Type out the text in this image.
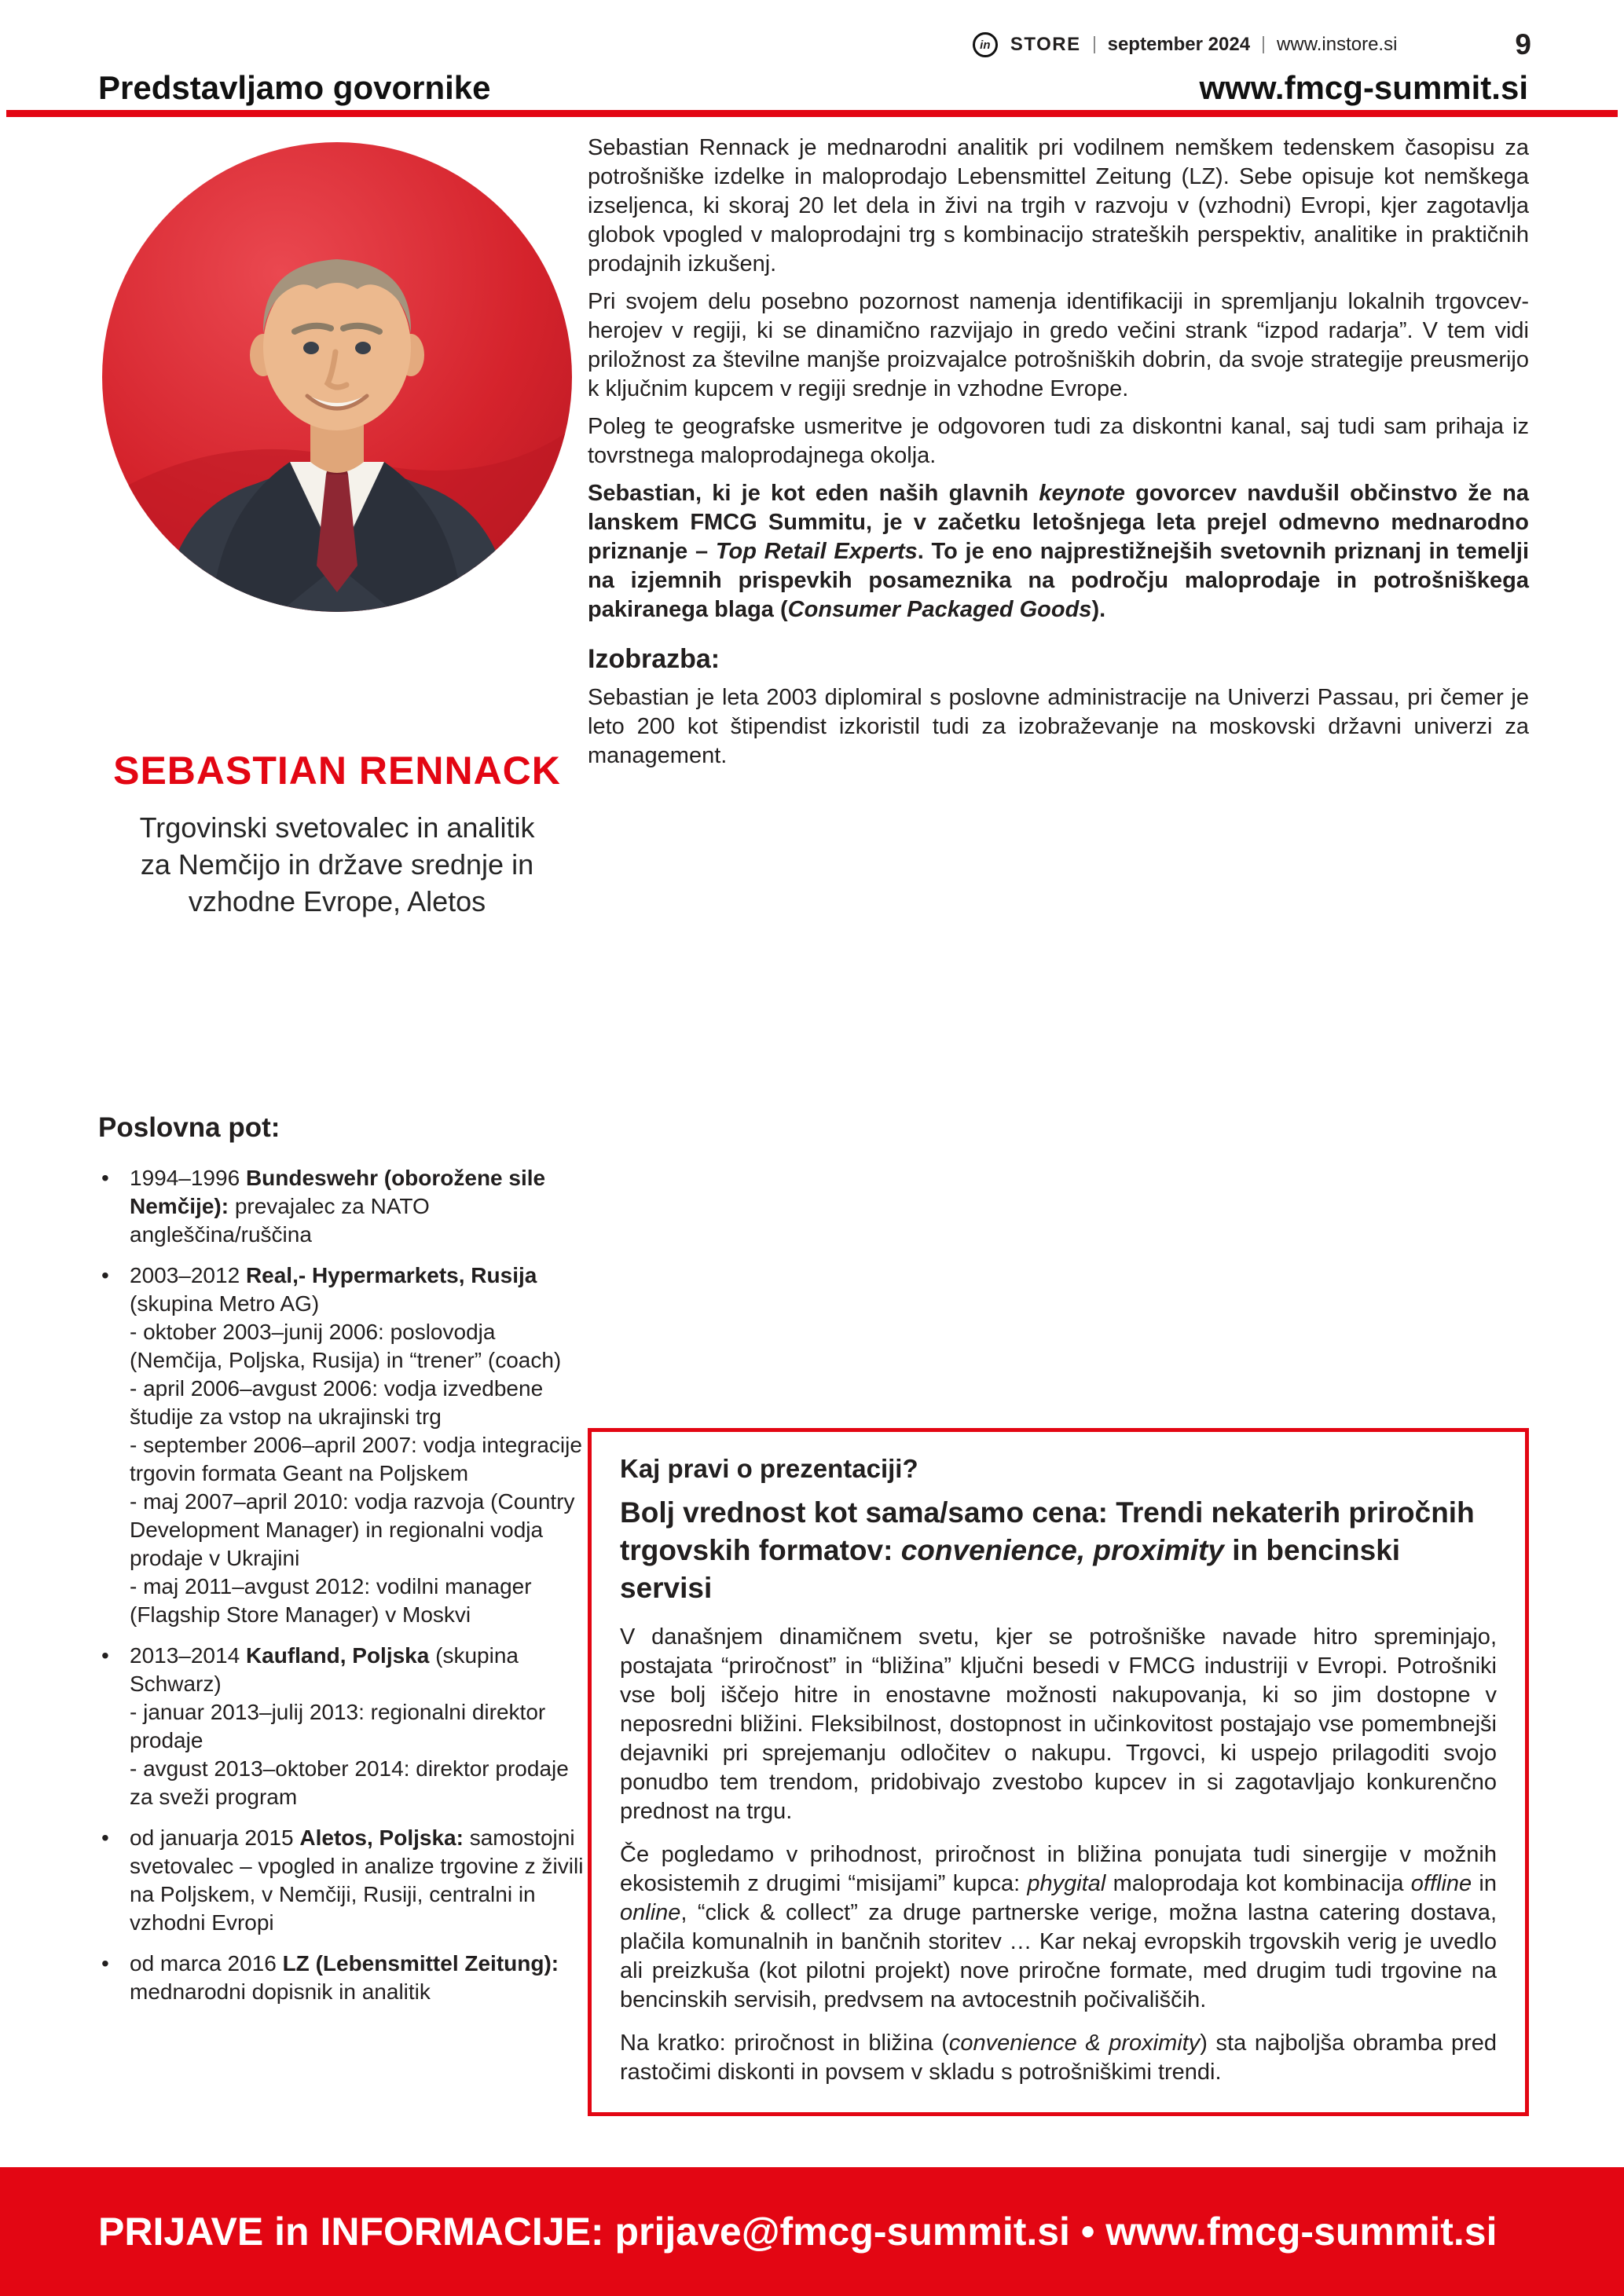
in STORE september 2024 www.instore.si	9
Predstavljamo govornike	www.fmcg-summit.si
SEBASTIAN RENNACK

Trgovinski svetovalec in analitik za Nemčijo in države srednje in vzhodne Evrope, Aletos

Sebastian Rennack je mednarodni analitik pri vodilnem nemškem tedenskem časopisu za potrošniške izdelke in maloprodajo Lebensmittel Zeitung (LZ). Sebe opisuje kot nemškega izseljenca, ki skoraj 20 let dela in živi na trgih v razvoju v (vzhodni) Evropi, kjer zagotavlja globok vpogled v maloprodajni trg s kombinacijo strateških perspektiv, analitike in praktičnih prodajnih izkušenj.

Pri svojem delu posebno pozornost namenja identifikaciji in spremljanju lokalnih trgovcev-herojev v regiji, ki se dinamično razvijajo in gredo večini strank “izpod radarja”. V tem vidi priložnost za številne manjše proizvajalce potrošniških dobrin, da svoje strategije preusmerijo k ključnim kupcem v regiji srednje in vzhodne Evrope.

Poleg te geografske usmeritve je odgovoren tudi za diskontni kanal, saj tudi sam prihaja iz tovrstnega maloprodajnega okolja.

Sebastian, ki je kot eden naših glavnih keynote govorcev navdušil občinstvo že na lanskem FMCG Summitu, je v začetku letošnjega leta prejel odmevno mednarodno priznanje – Top Retail Experts. To je eno najprestižnejših svetovnih priznanj in temelji na izjemnih prispevkih posameznika na področju maloprodaje in potrošniškega pakiranega blaga (Consumer Packaged Goods).

Izobrazba:

Sebastian je leta 2003 diplomiral s poslovne administracije na Univerzi Passau, pri čemer je leto 200 kot štipendist izkoristil tudi za izobraževanje na moskovski državni univerzi za management.

Poslovna pot:
• 1994–1996 Bundeswehr (oborožene sile Nemčije): prevajalec za NATO angleščina/ruščina
• 2003–2012 Real,- Hypermarkets, Rusija (skupina Metro AG)
- oktober 2003–junij 2006: poslovodja (Nemčija, Poljska, Rusija) in “trener” (coach)
- april 2006–avgust 2006: vodja izvedbene študije za vstop na ukrajinski trg
- september 2006–april 2007: vodja integracije trgovin formata Geant na Poljskem
- maj 2007–april 2010: vodja razvoja (Country Development Manager) in regionalni vodja prodaje v Ukrajini
- maj 2011–avgust 2012: vodilni manager (Flagship Store Manager) v Moskvi
• 2013–2014 Kaufland, Poljska (skupina Schwarz)
- januar 2013–julij 2013: regionalni direktor prodaje
- avgust 2013–oktober 2014: direktor prodaje za sveži program
• od januarja 2015 Aletos, Poljska: samostojni svetovalec – vpogled in analize trgovine z živili na Poljskem, v Nemčiji, Rusiji, centralni in vzhodni Evropi
• od marca 2016 LZ (Lebensmittel Zeitung): mednarodni dopisnik in analitik
Kaj pravi o prezentaciji?
Bolj vrednost kot sama/samo cena: Trendi nekaterih priročnih trgovskih formatov: convenience, proximity in bencinski servisi

V današnjem dinamičnem svetu, kjer se potrošniške navade hitro spreminjajo, postajata “priročnost” in “bližina” ključni besedi v FMCG industriji v Evropi. Potrošniki vse bolj iščejo hitre in enostavne možnosti nakupovanja, ki so jim dostopne v neposredni bližini. Fleksibilnost, dostopnost in učinkovitost postajajo vse pomembnejši dejavniki pri sprejemanju odločitev o nakupu. Trgovci, ki uspejo prilagoditi svojo ponudbo tem trendom, pridobivajo zvestobo kupcev in si zagotavljajo konkurenčno prednost na trgu.

Če pogledamo v prihodnost, priročnost in bližina ponujata tudi sinergije v možnih ekosistemih z drugimi “misijami” kupca: phygital maloprodaja kot kombinacija offline in online, “click & collect” za druge partnerske verige, možna lastna catering dostava, plačila komunalnih in bančnih storitev … Kar nekaj evropskih trgovskih verig je uvedlo ali preizkuša (kot pilotni projekt) nove priročne formate, med drugim tudi trgovine na bencinskih servisih, predvsem na avtocestnih počivališčih.

Na kratko: priročnost in bližina (convenience & proximity) sta najboljša obramba pred rastočimi diskonti in povsem v skladu s potrošniškimi trendi.

PRIJAVE in INFORMACIJE: prijave@fmcg-summit.si • www.fmcg-summit.si
